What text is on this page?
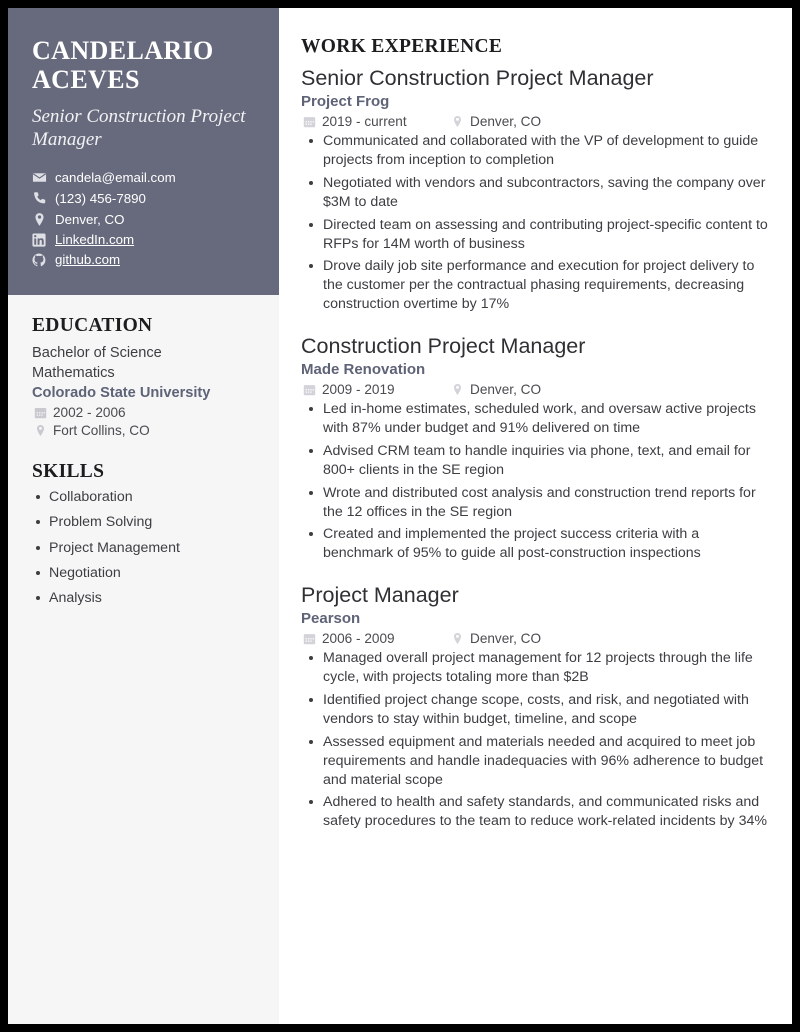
CANDELARIO ACEVES
Senior Construction Project Manager
candela@email.com
(123) 456-7890
Denver, CO
LinkedIn.com
github.com
EDUCATION

Bachelor of Science

Mathematics

Colorado State University

2002 - 2006
Fort Collins, CO
SKILLS
Collaboration
Problem Solving
Project Management
Negotiation
Analysis
WORK EXPERIENCE
Senior Construction Project Manager
Project Frog
2019 - current	Denver, CO
Communicated and collaborated with the VP of development to guide projects from inception to completion
Negotiated with vendors and subcontractors, saving the company over $3M to date
Directed team on assessing and contributing project-specific content to RFPs for 14M worth of business
Drove daily job site performance and execution for project delivery to the customer per the contractual phasing requirements, decreasing construction overtime by 17%
Construction Project Manager
Made Renovation
2009 - 2019	Denver, CO
Led in-home estimates, scheduled work, and oversaw active projects with 87% under budget and 91% delivered on time
Advised CRM team to handle inquiries via phone, text, and email for 800+ clients in the SE region
Wrote and distributed cost analysis and construction trend reports for the 12 offices in the SE region
Created and implemented the project success criteria with a benchmark of 95% to guide all post-construction inspections
Project Manager
Pearson
2006 - 2009	Denver, CO
Managed overall project management for 12 projects through the life cycle, with projects totaling more than $2B
Identified project change scope, costs, and risk, and negotiated with vendors to stay within budget, timeline, and scope
Assessed equipment and materials needed and acquired to meet job requirements and handle inadequacies with 96% adherence to budget and material scope
Adhered to health and safety standards, and communicated risks and safety procedures to the team to reduce work-related incidents by 34%
